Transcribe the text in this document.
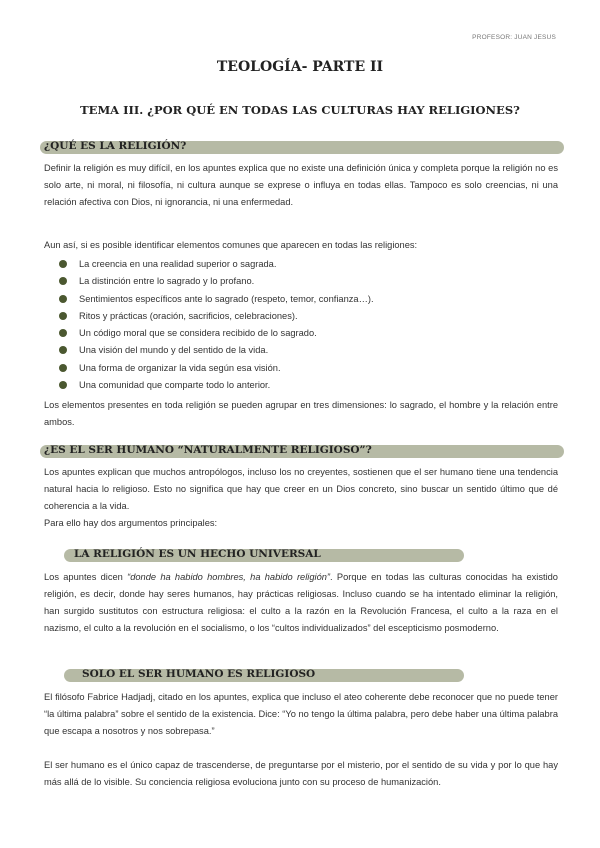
PROFESOR: JUAN JESUS
TEOLOGÍA- PARTE II
TEMA III. ¿POR QUÉ EN TODAS LAS CULTURAS HAY RELIGIONES?
¿QUÉ ES LA RELIGIÓN?
Definir la religión es muy difícil, en los apuntes explica que no existe una definición única y completa porque la religión no es solo arte, ni moral, ni filosofía, ni cultura aunque se exprese o influya en todas ellas. Tampoco es solo creencias, ni una relación afectiva con Dios, ni ignorancia, ni una enfermedad.
Aun así, si es posible identificar elementos comunes que aparecen en todas las religiones:
La creencia en una realidad superior o sagrada.
La distinción entre lo sagrado y lo profano.
Sentimientos específicos ante lo sagrado (respeto, temor, confianza…).
Ritos y prácticas (oración, sacrificios, celebraciones).
Un código moral que se considera recibido de lo sagrado.
Una visión del mundo y del sentido de la vida.
Una forma de organizar la vida según esa visión.
Una comunidad que comparte todo lo anterior.
Los elementos presentes en toda religión se pueden agrupar en tres dimensiones: lo sagrado, el hombre y la relación entre ambos.
¿ES EL SER HUMANO “NATURALMENTE RELIGIOSO”?
Los apuntes explican que muchos antropólogos, incluso los no creyentes, sostienen que el ser humano tiene una tendencia natural hacia lo religioso. Esto no significa que hay que creer en un Dios concreto, sino buscar un sentido último que dé coherencia a la vida.
Para ello hay dos argumentos principales:
LA RELIGIÓN ES UN HECHO UNIVERSAL
Los apuntes dicen “donde ha habido hombres, ha habido religión”. Porque en todas las culturas conocidas ha existido religión, es decir, donde hay seres humanos, hay prácticas religiosas. Incluso cuando se ha intentado eliminar la religión, han surgido sustitutos con estructura religiosa: el culto a la razón en la Revolución Francesa, el culto a la raza en el nazismo, el culto a la revolución en el socialismo, o los “cultos individualizados” del escepticismo posmoderno.
SOLO EL SER HUMANO ES RELIGIOSO
El filósofo Fabrice Hadjadj, citado en los apuntes, explica que incluso el ateo coherente debe reconocer que no puede tener “la última palabra” sobre el sentido de la existencia. Dice: “Yo no tengo la última palabra, pero debe haber una última palabra que escapa a nosotros y nos sobrepasa.”
El ser humano es el único capaz de trascenderse, de preguntarse por el misterio, por el sentido de su vida y por lo que hay más allá de lo visible. Su conciencia religiosa evoluciona junto con su proceso de humanización.
